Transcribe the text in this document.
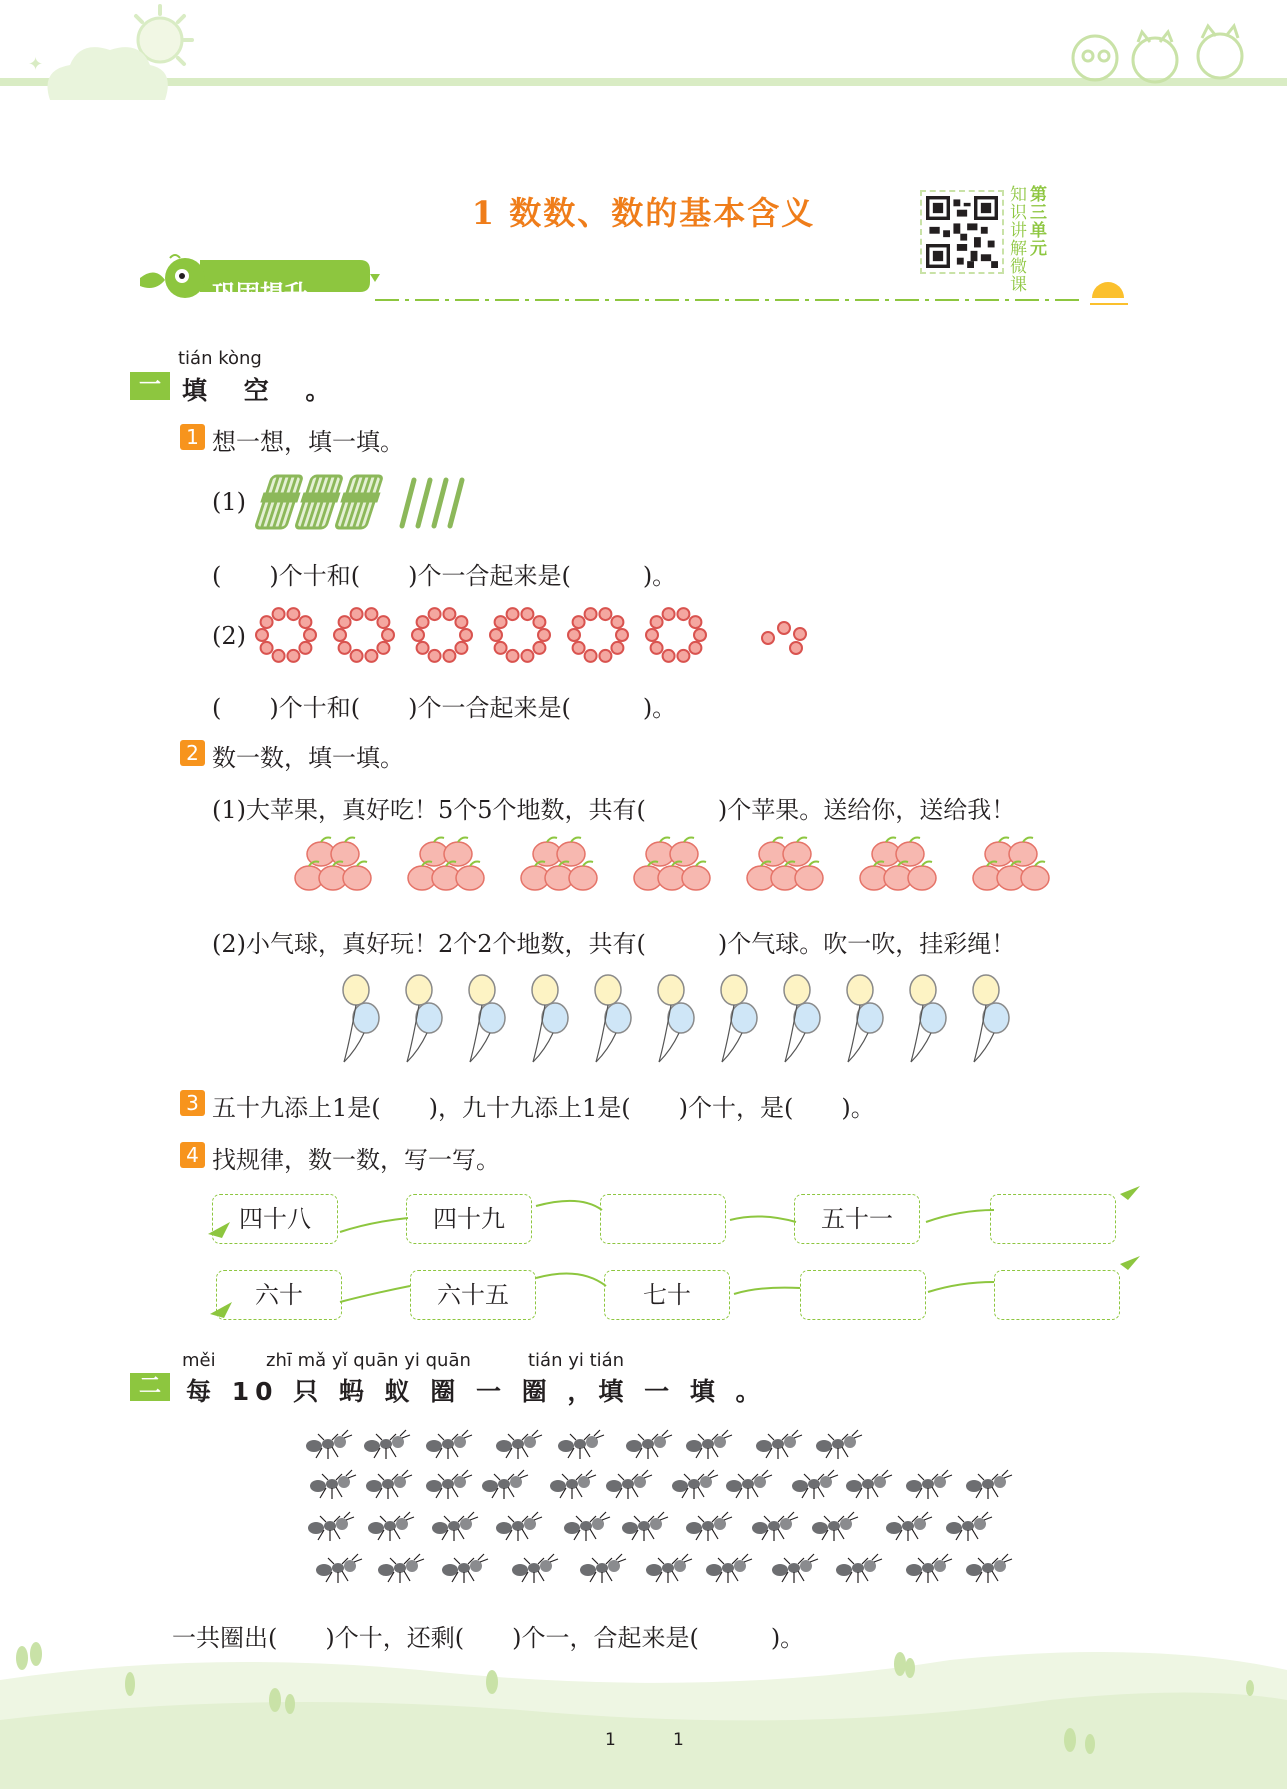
✦
1 数数、数的基本含义	知识讲解微课第三单元
巩固提升
tián kòng
一 填 空 。
1 想一想，填一填。
(1)
(　　)个十和(　　)个一合起来是(　　　)。
(2)
(　　)个十和(　　)个一合起来是(　　　)。
2 数一数，填一填。
(1)大苹果，真好吃！5个5个地数，共有(　　　)个苹果。送给你，送给我！
(2)小气球，真好玩！2个2个地数，共有(　　　)个气球。吹一吹，挂彩绳！
3 五十九添上1是(　　)，九十九添上1是(　　)个十，是(　　)。
4 找规律，数一数，写一写。
四十八	四十九	五十一
六十	六十五	七十
měi	zhī mǎ yǐ quān yi quān	tián yi tián
二	每 10 只 蚂 蚁 圈 一 圈 ，填 一 填 。
一共圈出(　　)个十，还剩(　　)个一，合起来是(　　　)。
1	1
